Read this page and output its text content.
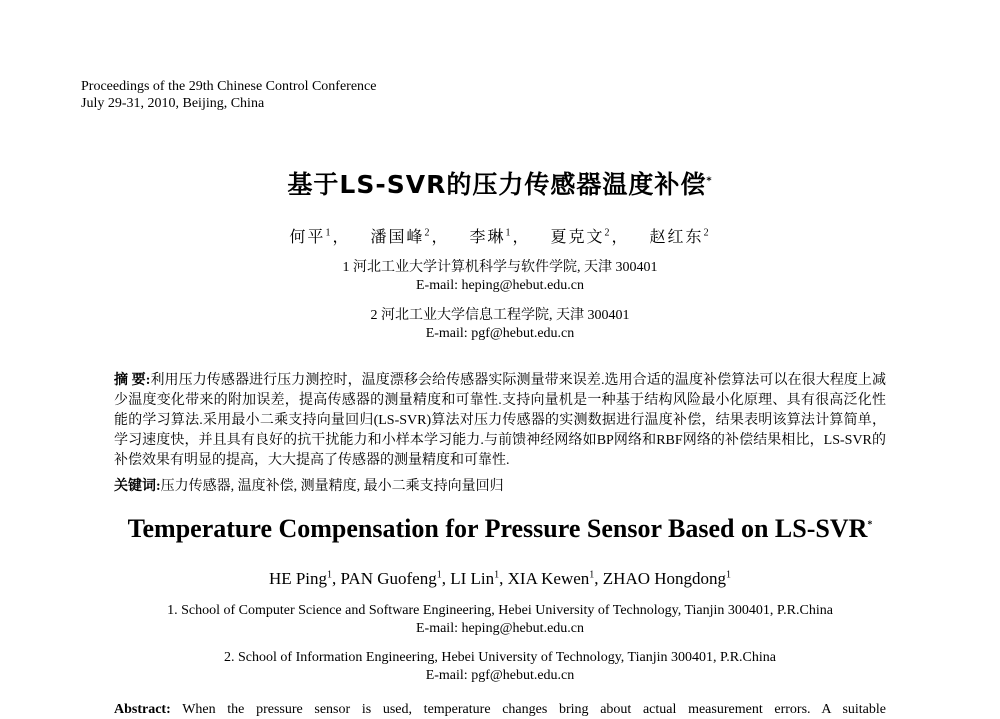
Proceedings of the 29th Chinese Control Conference
July 29-31, 2010, Beijing, China
基于LS-SVR的压力传感器温度补偿*
何平$^1$， 潘国峰$^2$， 李琳$^1$， 夏克文$^2$， 赵红东$^2$
1 河北工业大学计算机科学与软件学院, 天津 300401
E-mail: heping@hebut.edu.cn
2 河北工业大学信息工程学院, 天津 300401
E-mail: pgf@hebut.edu.cn
摘 要:利用压力传感器进行压力测控时，温度漂移会给传感器实际测量带来误差.选用合适的温度补偿算法可以在很大程度上减少温度变化带来的附加误差，提高传感器的测量精度和可靠性.支持向量机是一种基于结构风险最小化原理、具有很高泛化性能的学习算法.采用最小二乘支持向量回归(LS-SVR)算法对压力传感器的实测数据进行温度补偿，结果表明该算法计算简单，学习速度快，并且具有良好的抗干扰能力和小样本学习能力.与前馈神经网络如BP网络和RBF网络的补偿结果相比，LS-SVR的补偿效果有明显的提高，大大提高了传感器的测量精度和可靠性.
关键词:压力传感器, 温度补偿, 测量精度, 最小二乘支持向量回归
Temperature Compensation for Pressure Sensor Based on LS-SVR*
HE Ping$^1$, PAN Guofeng$^1$, LI Lin$^1$, XIA Kewen$^1$, ZHAO Hongdong$^1$
1. School of Computer Science and Software Engineering, Hebei University of Technology, Tianjin 300401, P.R.China
E-mail: heping@hebut.edu.cn
2. School of Information Engineering, Hebei University of Technology, Tianjin 300401, P.R.China
E-mail: pgf@hebut.edu.cn
Abstract: When the pressure sensor is used, temperature changes bring about actual measurement errors. A suitable
